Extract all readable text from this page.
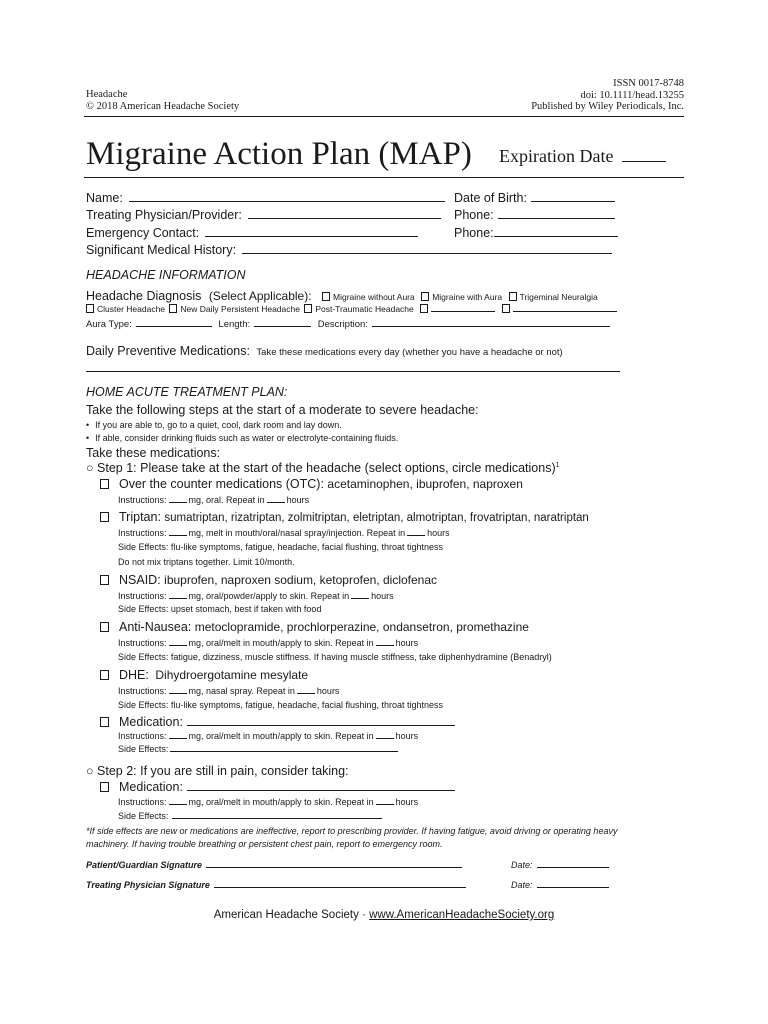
Headache
© 2018 American Headache Society
ISSN 0017-8748
doi: 10.1111/head.13255
Published by Wiley Periodicals, Inc.
Migraine Action Plan (MAP) Expiration Date
Name:	Date of Birth:
Treating Physician/Provider:	Phone:
Emergency Contact:	Phone:
Significant Medical History:
HEADACHE INFORMATION
Headache Diagnosis (Select Applicable):	Migraine without Aura Migraine with Aura Trigeminal Neuralgia
Cluster Headache New Daily Persistent Headache Post-Traumatic Headache
Aura Type:	Length:	Description:
Daily Preventive Medications: Take these medications every day (whether you have a headache or not)
HOME ACUTE TREATMENT PLAN:
Take the following steps at the start of a moderate to severe headache:
• If you are able to, go to a quiet, cool, dark room and lay down.
• If able, consider drinking fluids such as water or electrolyte-containing fluids.
Take these medications:
○ Step 1: Please take at the start of the headache (select options, circle medications)$^1$
Over the counter medications (OTC): acetaminophen, ibuprofen, naproxen
Instructions: mg, oral. Repeat in hours
Triptan: sumatriptan, rizatriptan, zolmitriptan, eletriptan, almotriptan, frovatriptan, naratriptan
Instructions: mg, melt in mouth/oral/nasal spray/injection. Repeat in hours
Side Effects: flu-like symptoms, fatigue, headache, facial flushing, throat tightness
Do not mix triptans together. Limit 10/month.
NSAID: ibuprofen, naproxen sodium, ketoprofen, diclofenac
Instructions: mg, oral/powder/apply to skin. Repeat in hours
Side Effects: upset stomach, best if taken with food
Anti-Nausea: metoclopramide, prochlorperazine, ondansetron, promethazine
Instructions: mg, oral/melt in mouth/apply to skin. Repeat in hours
Side Effects: fatigue, dizziness, muscle stiffness. If having muscle stiffness, take diphenhydramine (Benadryl)
DHE: Dihydroergotamine mesylate
Instructions: mg, nasal spray. Repeat in hours
Side Effects: flu-like symptoms, fatigue, headache, facial flushing, throat tightness
Medication:
Instructions: mg, oral/melt in mouth/apply to skin. Repeat in hours
Side Effects:
○ Step 2: If you are still in pain, consider taking:
Medication:
Instructions: mg, oral/melt in mouth/apply to skin. Repeat in hours
Side Effects:
*If side effects are new or medications are ineffective, report to prescribing provider. If having fatigue, avoid driving or operating heavy machinery. If having trouble breathing or persistent chest pain, report to emergency room.
Patient/Guardian Signature	Date:
Treating Physician Signature	Date:
American Headache Society · www.AmericanHeadacheSociety.org
